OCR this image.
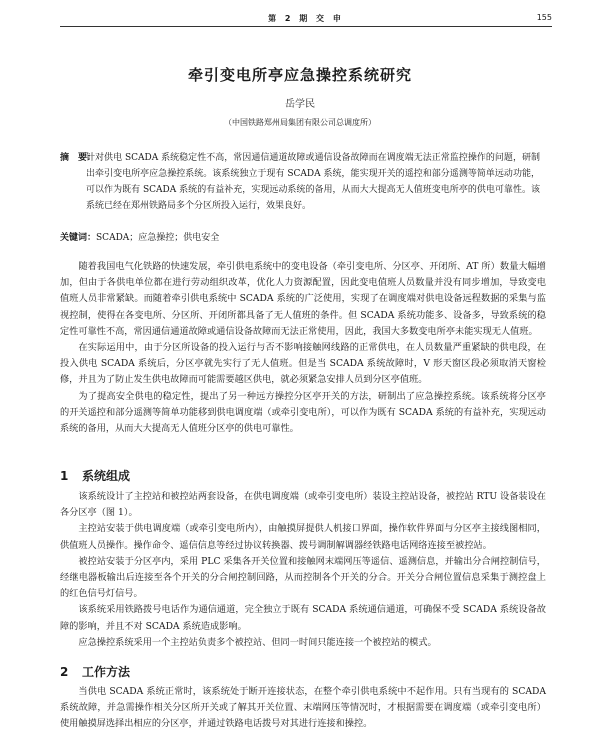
第 2 期 交 申	155
牵引变电所亭应急操控系统研究
岳学民
（中国铁路郑州局集团有限公司总调度所）
摘　要：
针对供电 SCADA 系统稳定性不高，常因通信通道故障或通信设备故障而在调度端无法正常监控操作的问题，研制出牵引变电所亭应急操控系统。该系统独立于现有 SCADA 系统，能实现开关的遥控和部分遥测等简单远动功能，可以作为既有 SCADA 系统的有益补充，实现远动系统的备用，从而大大提高无人值班变电所亭的供电可靠性。该系统已经在郑州铁路局多个分区所投入运行，效果良好。
关键词：SCADA；应急操控；供电安全

随着我国电气化铁路的快速发展，牵引供电系统中的变电设备（牵引变电所、分区亭、开闭所、AT 所）数量大幅增加，但由于各供电单位都在进行劳动组织改革，优化人力资源配置，因此变电值班人员数量并没有同步增加，导致变电值班人员非常紧缺。而随着牵引供电系统中 SCADA 系统的广泛使用，实现了在调度端对供电设备远程数据的采集与监视控制，使得在各变电所、分区所、开闭所都具备了无人值班的条件。但 SCADA 系统功能多、设备多，导致系统的稳定性可靠性不高，常因通信通道故障或通信设备故障而无法正常使用，因此，我国大多数变电所亭未能实现无人值班。

在实际运用中，由于分区所设备的投入运行与否不影响接触网线路的正常供电，在人员数量严重紧缺的供电段，在投入供电 SCADA 系统后，分区亭就先实行了无人值班。但是当 SCADA 系统故障时，V 形天窗区段必须取消天窗检修，并且为了防止发生供电故障而可能需要越区供电，就必须紧急安排人员到分区亭值班。

为了提高安全供电的稳定性，提出了另一种远方操控分区亭开关的方法，研制出了应急操控系统。该系统将分区亭的开关遥控和部分遥测等简单功能移到供电调度端（或牵引变电所），可以作为既有 SCADA 系统的有益补充，实现远动系统的备用，从而大大提高无人值班分区亭的供电可靠性。

1 系统组成

该系统设计了主控站和被控站两套设备，在供电调度端（或牵引变电所）装设主控站设备，被控站 RTU 设备装设在各分区亭（图 1）。

主控站安装于供电调度端（或牵引变电所内），由触摸屏提供人机接口界面，操作软件界面与分区亭主接线图相同，供值班人员操作。操作命令、遥信信息等经过协议转换器、拨号调制解调器经铁路电话网络连接至被控站。

被控站安装于分区亭内，采用 PLC 采集各开关位置和接触网末端网压等遥信、遥测信息，并输出分合闸控制信号，经继电器板输出后连接至各个开关的分合闸控制回路，从而控制各个开关的分合。开关分合闸位置信息采集于测控盘上的红色信号灯信号。

该系统采用铁路拨号电话作为通信通道，完全独立于既有 SCADA 系统通信通道，可确保不受 SCADA 系统设备故障的影响，并且不对 SCADA 系统造成影响。

应急操控系统采用一个主控站负责多个被控站、但同一时间只能连接一个被控站的模式。

2 工作方法

当供电 SCADA 系统正常时，该系统处于断开连接状态，在整个牵引供电系统中不起作用。只有当现有的 SCADA 系统故障，并急需操作相关分区所开关或了解其开关位置、末端网压等情况时，才根据需要在调度端（或牵引变电所）使用触摸屏选择出相应的分区亭，并通过铁路电话拨号对其进行连接和操控。
